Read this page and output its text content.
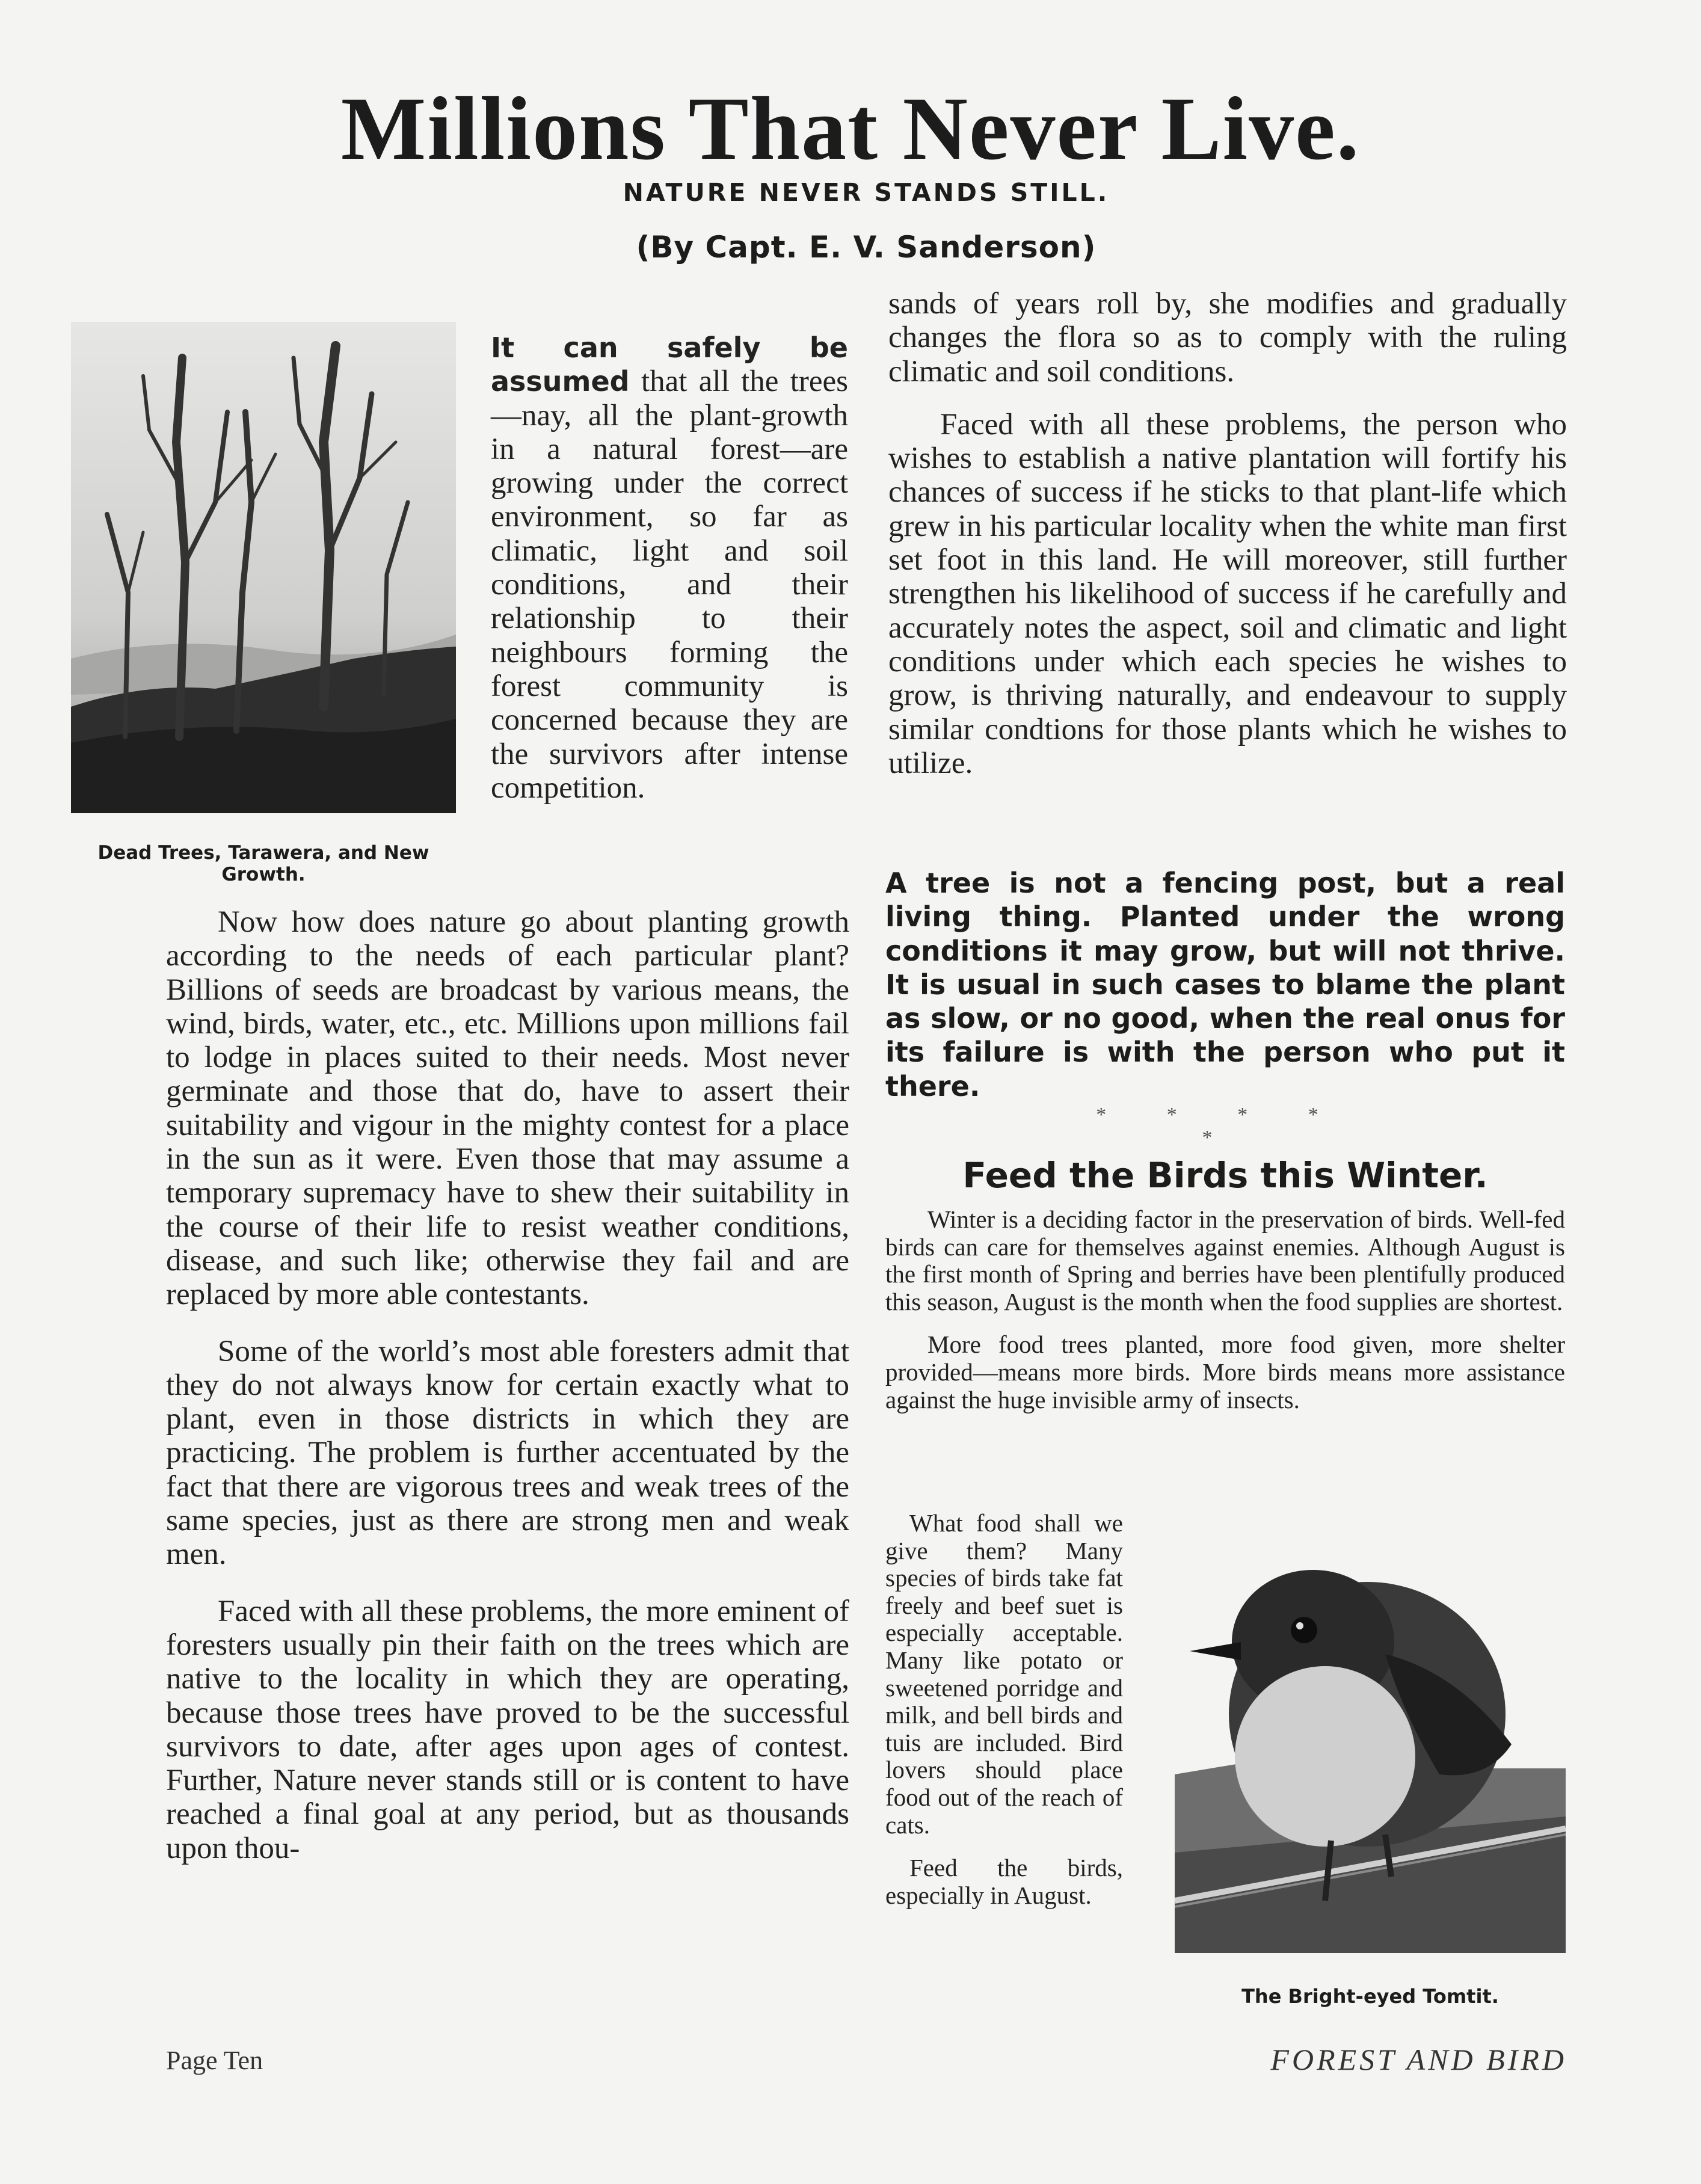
Millions That Never Live.
NATURE NEVER STANDS STILL.
(By Capt. E. V. Sanderson)
Dead Trees, Tarawera, and New Growth.

It can safely be assumed that all the trees—nay, all the plant-growth in a natural forest—are growing under the correct environment, so far as climatic, light and soil conditions, and their relationship to their neighbours forming the forest community is concerned because they are the survivors after intense competition.

Now how does nature go about planting growth according to the needs of each particular plant? Billions of seeds are broadcast by various means, the wind, birds, water, etc., etc. Millions upon millions fail to lodge in places suited to their needs. Most never germinate and those that do, have to assert their suitability and vigour in the mighty contest for a place in the sun as it were. Even those that may assume a temporary supremacy have to shew their suitability in the course of their life to resist weather conditions, disease, and such like; otherwise they fail and are replaced by more able contestants.

Some of the world’s most able foresters admit that they do not always know for certain exactly what to plant, even in those districts in which they are practicing. The problem is further accentuated by the fact that there are vigorous trees and weak trees of the same species, just as there are strong men and weak men.

Faced with all these problems, the more eminent of foresters usually pin their faith on the trees which are native to the locality in which they are operating, because those trees have proved to be the successful survivors to date, after ages upon ages of contest. Further, Nature never stands still or is content to have reached a final goal at any period, but as thousands upon thou-

sands of years roll by, she modifies and gradually changes the flora so as to comply with the ruling climatic and soil conditions.

Faced with all these problems, the person who wishes to establish a native plantation will fortify his chances of success if he sticks to that plant-life which grew in his particular locality when the white man first set foot in this land. He will moreover, still further strengthen his likelihood of success if he carefully and accurately notes the aspect, soil and climatic and light conditions under which each species he wishes to grow, is thriving naturally, and endeavour to supply similar condtions for those plants which he wishes to utilize.

A tree is not a fencing post, but a real living thing. Planted under the wrong conditions it may grow, but will not thrive. It is usual in such cases to blame the plant as slow, or no good, when the real onus for its failure is with the person who put it there.
* * * * *
Feed the Birds this Winter.

Winter is a deciding factor in the preservation of birds. Well-fed birds can care for themselves against enemies. Although August is the first month of Spring and berries have been plentifully produced this season, August is the month when the food supplies are shortest.

More food trees planted, more food given, more shelter provided—means more birds. More birds means more assistance against the huge invisible army of insects.

What food shall we give them? Many species of birds take fat freely and beef suet is especially acceptable. Many like potato or sweetened porridge and milk, and bell birds and tuis are included. Bird lovers should place food out of the reach of cats.

Feed the birds, especially in August.

The Bright-eyed Tomtit.
Page Ten	FOREST AND BIRD
